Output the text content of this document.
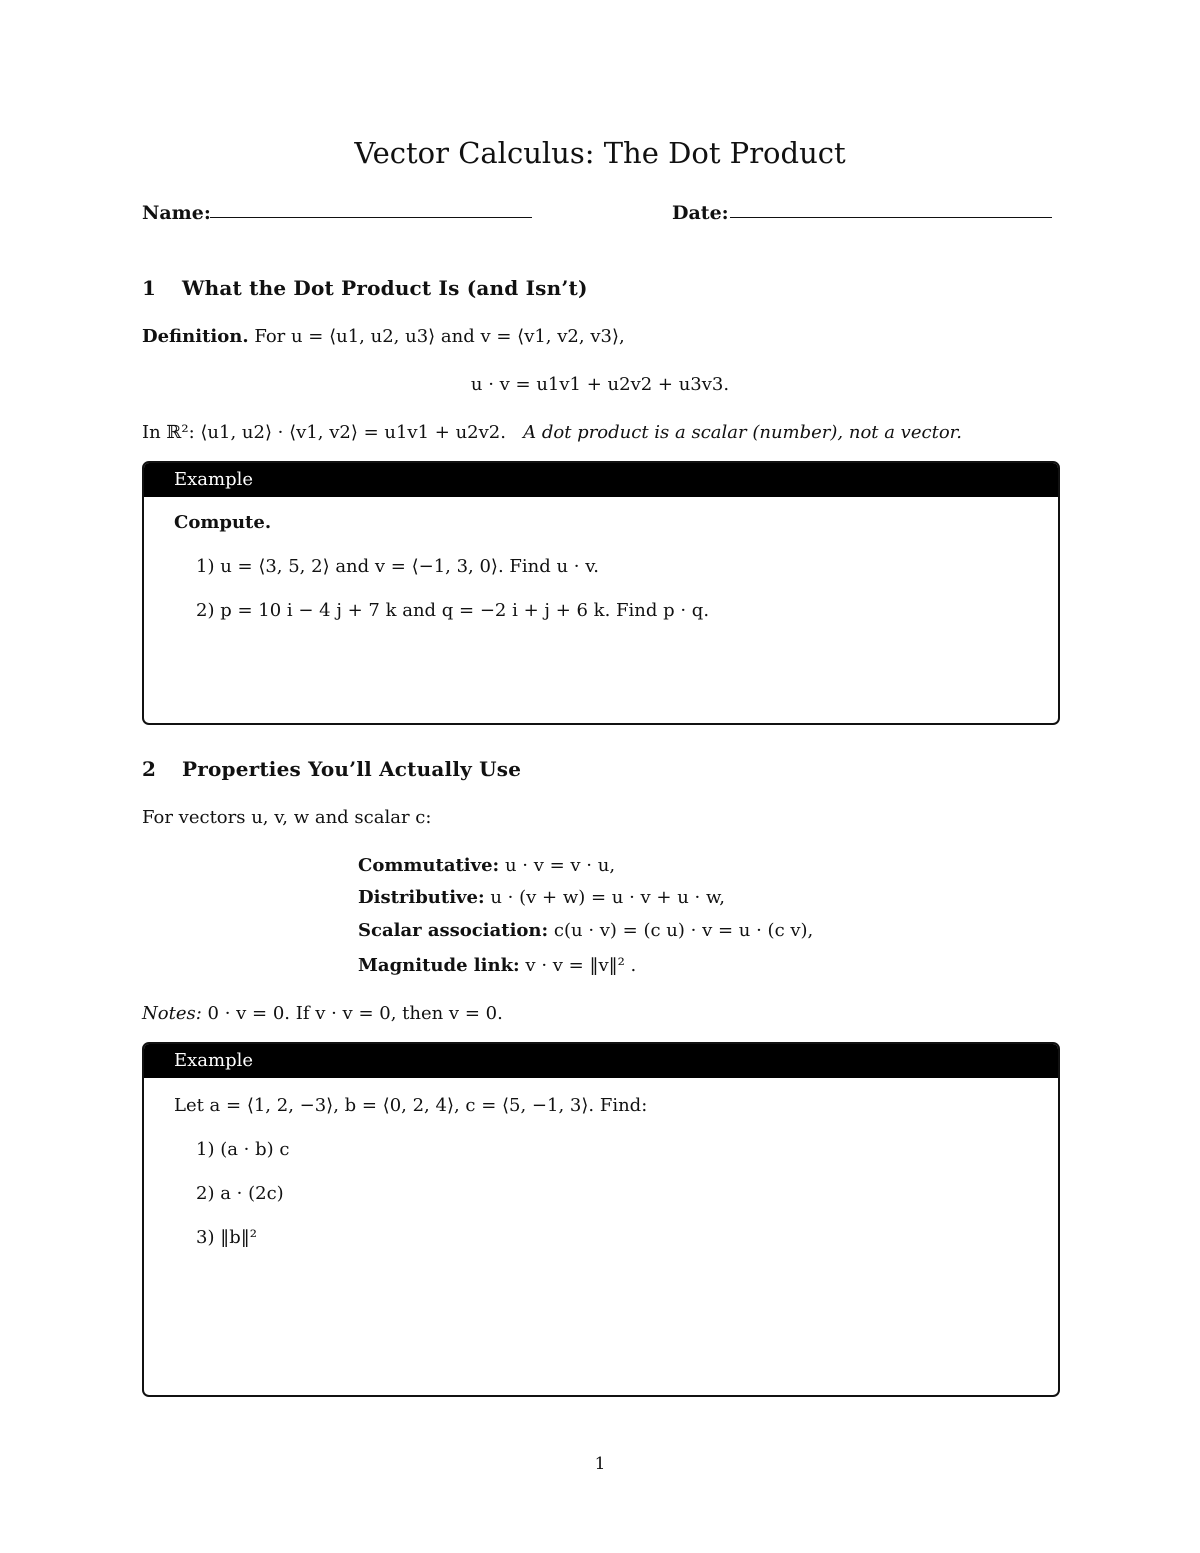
Vector Calculus: The Dot Product
Name:	Date:
1 What the Dot Product Is (and Isn’t)
Definition. For u = ⟨u1, u2, u3⟩ and v = ⟨v1, v2, v3⟩,
u · v = u1v1 + u2v2 + u3v3.
In ℝ²: ⟨u1, u2⟩ · ⟨v1, v2⟩ = u1v1 + u2v2. A dot product is a scalar (number), not a vector.
Example
Compute.
1) u = ⟨3, 5, 2⟩ and v = ⟨−1, 3, 0⟩. Find u · v.
2) p = 10 i − 4 j + 7 k and q = −2 i + j + 6 k. Find p · q.
2 Properties You’ll Actually Use
For vectors u, v, w and scalar c:
Commutative: u · v = v · u,
Distributive: u · (v + w) = u · v + u · w,
Scalar association: c(u · v) = (c u) · v = u · (c v),
Magnitude link: v · v = ‖v‖² .
Notes: 0 · v = 0. If v · v = 0, then v = 0.
Example
Let a = ⟨1, 2, −3⟩, b = ⟨0, 2, 4⟩, c = ⟨5, −1, 3⟩. Find:
1) (a · b) c
2) a · (2c)
3) ‖b‖²
1
